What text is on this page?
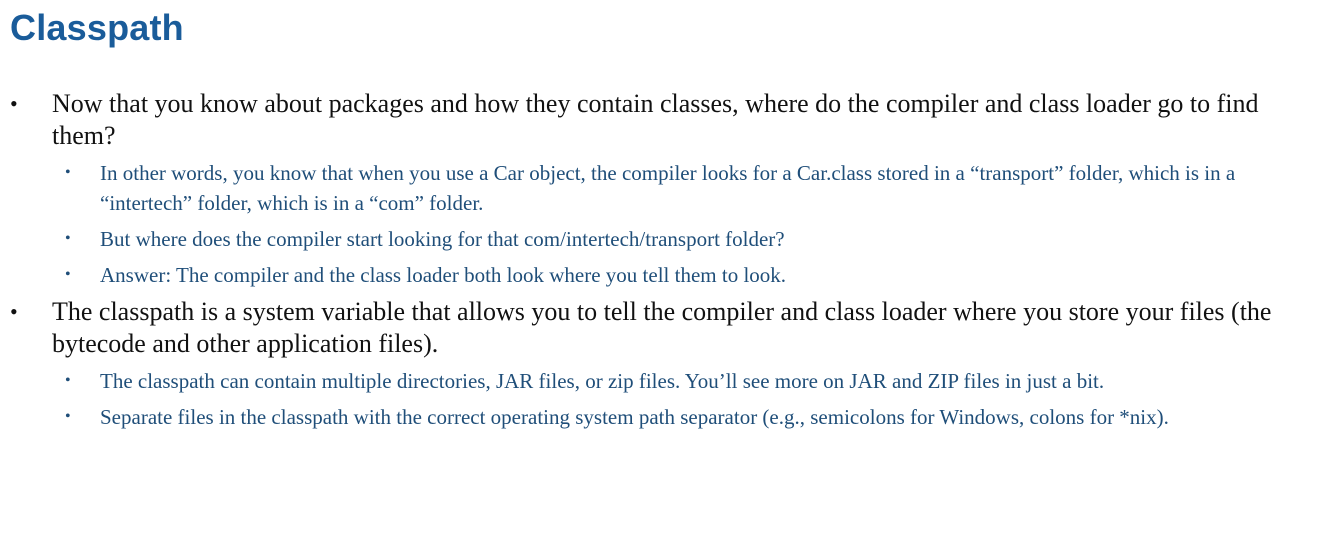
Classpath
• Now that you know about packages and how they contain classes, where do the compiler and class loader go to find them?
• In other words, you know that when you use a Car object, the compiler looks for a Car.class stored in a “transport” folder, which is in a “intertech” folder, which is in a “com” folder.
• But where does the compiler start looking for that com/intertech/transport folder?
• Answer: The compiler and the class loader both look where you tell them to look.
• The classpath is a system variable that allows you to tell the compiler and class loader where you store your files (the bytecode and other application files).
• The classpath can contain multiple directories, JAR files, or zip files. You’ll see more on JAR and ZIP files in just a bit.
• Separate files in the classpath with the correct operating system path separator (e.g., semicolons for Windows, colons for *nix).
